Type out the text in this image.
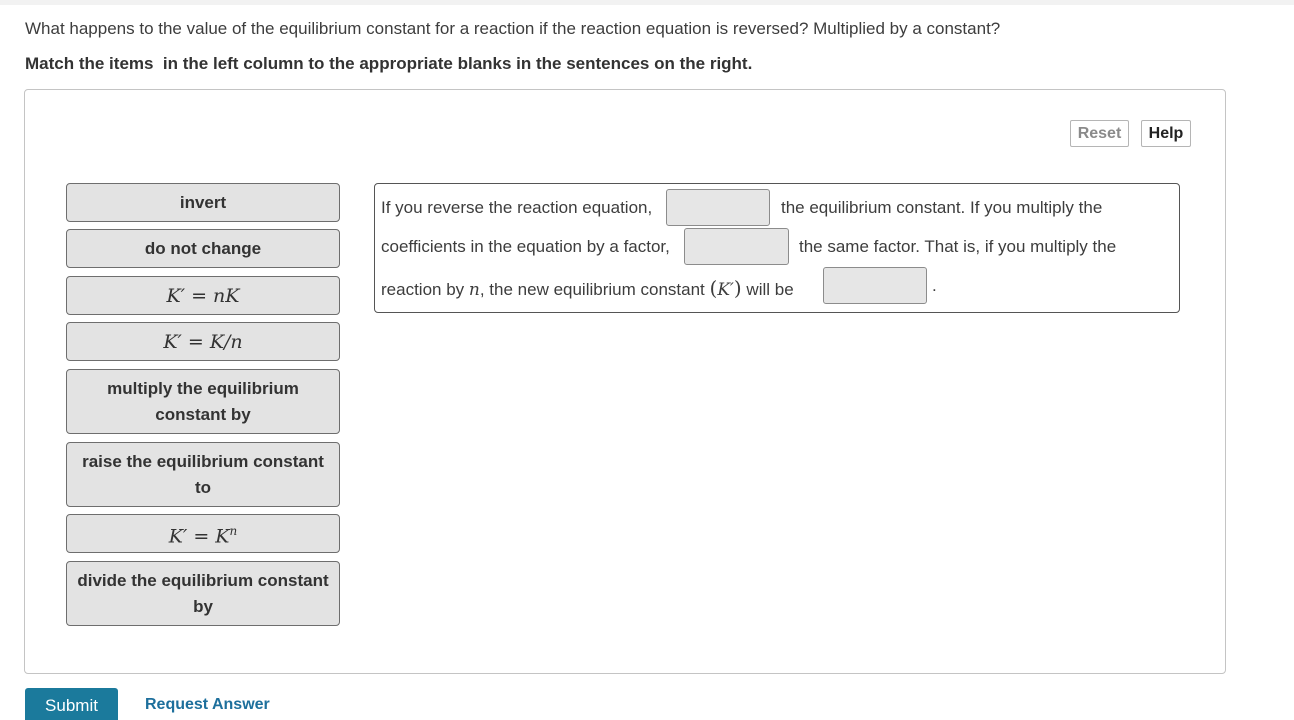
What happens to the value of the equilibrium constant for a reaction if the reaction equation is reversed? Multiplied by a constant?
Match the items  in the left column to the appropriate blanks in the sentences on the right.
Reset	Help
invert
do not change
K′ = nK
K′ = K/n
multiply the equilibrium constant by
raise the equilibrium constant to
$K' = K^n$
divide the equilibrium constant by
If you reverse the reaction equation,	the equilibrium constant. If you multiply the
coefficients in the equation by a factor,	the same factor. That is, if you multiply the
reaction by n, the new equilibrium constant (K′) will be	.
Submit	Request Answer
